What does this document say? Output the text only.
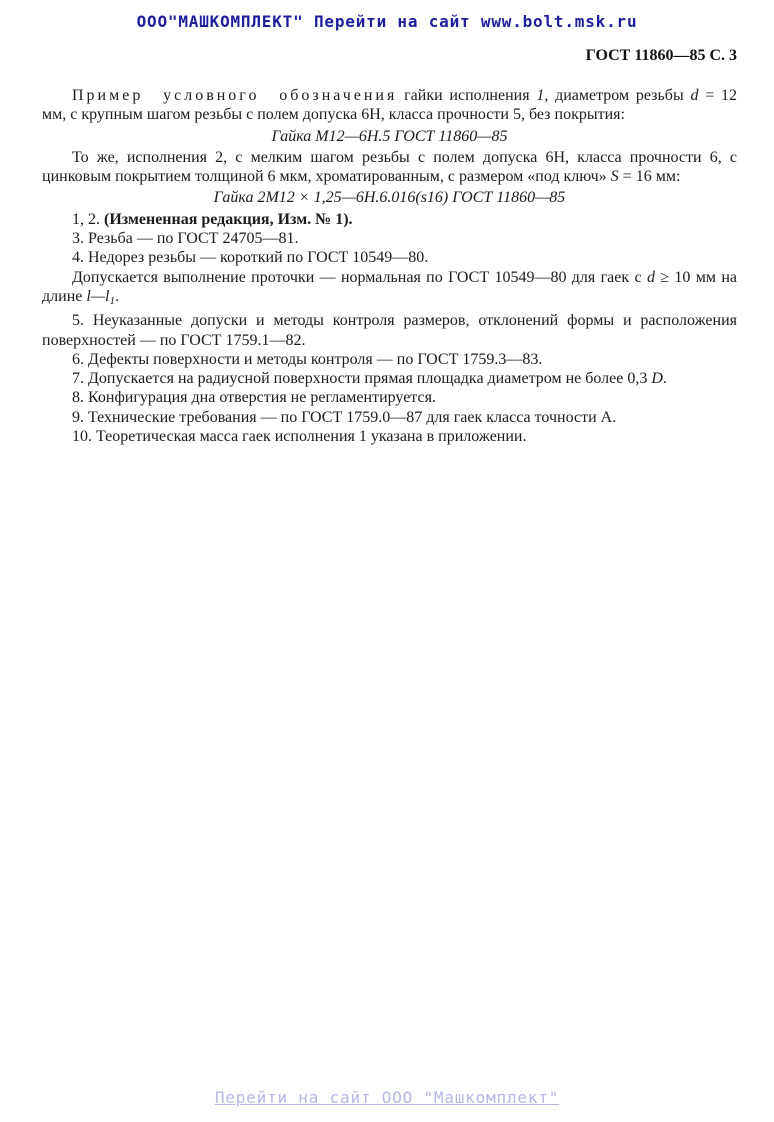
ООО"МАШКОМПЛЕКТ" Перейти на сайт www.bolt.msk.ru
ГОСТ 11860—85 С. 3

Пример условного обозначения гайки исполнения 1, диаметром резьбы d = 12 мм, с крупным шагом резьбы с полем допуска 6Н, класса прочности 5, без покрытия:

Гайка М12—6Н.5 ГОСТ 11860—85

То же, исполнения 2, с мелким шагом резьбы с полем допуска 6Н, класса прочности 6, с цинковым покрытием толщиной 6 мкм, хроматированным, с размером «под ключ» S = 16 мм:

Гайка 2М12 × 1,25—6Н.6.016(s16) ГОСТ 11860—85

1, 2. (Измененная редакция, Изм. № 1).

3. Резьба — по ГОСТ 24705—81.

4. Недорез резьбы — короткий по ГОСТ 10549—80.

Допускается выполнение проточки — нормальная по ГОСТ 10549—80 для гаек с d ≥ 10 мм на длине l—l1.

5. Неуказанные допуски и методы контроля размеров, отклонений формы и расположения поверхностей — по ГОСТ 1759.1—82.

6. Дефекты поверхности и методы контроля — по ГОСТ 1759.3—83.

7. Допускается на радиусной поверхности прямая площадка диаметром не более 0,3 D.

8. Конфигурация дна отверстия не регламентируется.

9. Технические требования — по ГОСТ 1759.0—87 для гаек класса точности А.

10. Теоретическая масса гаек исполнения 1 указана в приложении.

Перейти на сайт ООО "Машкомплект"
